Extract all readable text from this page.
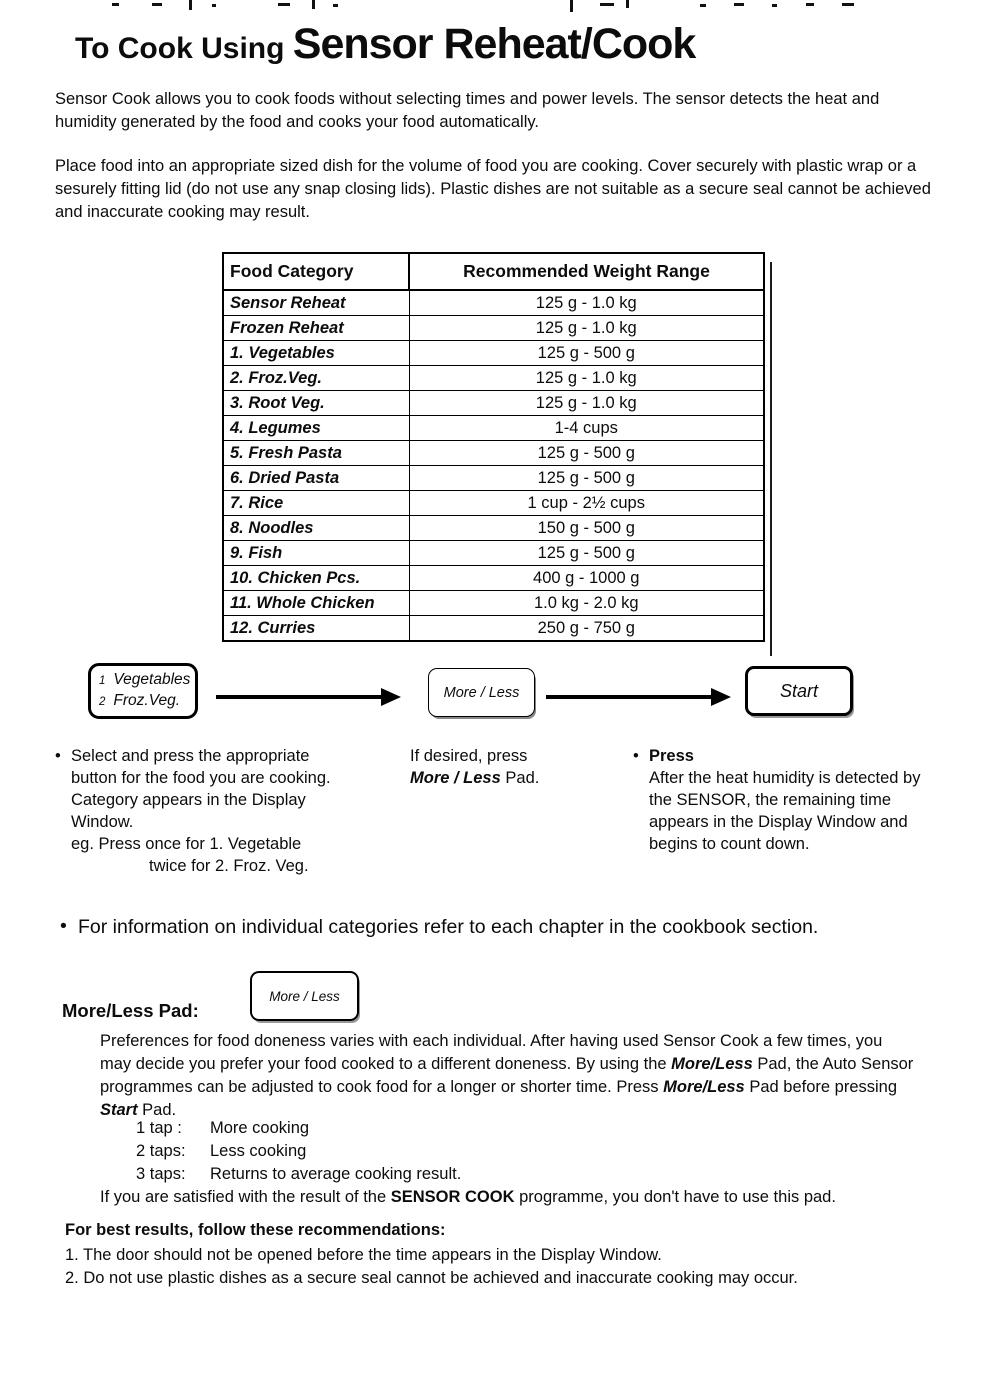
To Cook Using Sensor Reheat/Cook
Sensor Cook allows you to cook foods without selecting times and power levels. The sensor detects the heat and humidity generated by the food and cooks your food automatically.
Place food into an appropriate sized dish for the volume of food you are cooking. Cover securely with plastic wrap or a sesurely fitting lid (do not use any snap closing lids). Plastic dishes are not suitable as a secure seal cannot be achieved and inaccurate cooking may result.
Food Category	Recommended Weight Range
Sensor Reheat	125 g - 1.0 kg
Frozen Reheat	125 g - 1.0 kg
1. Vegetables	125 g - 500 g
2. Froz.Veg.	125 g - 1.0 kg
3. Root Veg.	125 g - 1.0 kg
4. Legumes	1-4 cups
5. Fresh Pasta	125 g - 500 g
6. Dried Pasta	125 g - 500 g
7. Rice	1 cup - 2½ cups
8. Noodles	150 g - 500 g
9. Fish	125 g - 500 g
10. Chicken Pcs.	400 g - 1000 g
11. Whole Chicken	1.0 kg - 2.0 kg
12. Curries	250 g - 750 g
1 Vegetables
2 Froz.Veg.	More / Less	Start
• Select and press the appropriate button for the food you are cooking. Category appears in the Display Window.
eg. Press once for 1. Vegetable
twice for 2. Froz. Veg.
If desired, press
More / Less Pad.
• Press
After the heat humidity is detected by the SENSOR, the remaining time appears in the Display Window and begins to count down.
• For information on individual categories refer to each chapter in the cookbook section.
More / Less
More/Less Pad:
Preferences for food doneness varies with each individual. After having used Sensor Cook a few times, you may decide you prefer your food cooked to a different doneness. By using the More/Less Pad, the Auto Sensor programmes can be adjusted to cook food for a longer or shorter time. Press More/Less Pad before pressing Start Pad.
1 tap :	More cooking
2 taps:	Less cooking
3 taps:	Returns to average cooking result.
If you are satisfied with the result of the SENSOR COOK programme, you don't have to use this pad.
For best results, follow these recommendations:
1. The door should not be opened before the time appears in the Display Window.
2. Do not use plastic dishes as a secure seal cannot be achieved and inaccurate cooking may occur.
